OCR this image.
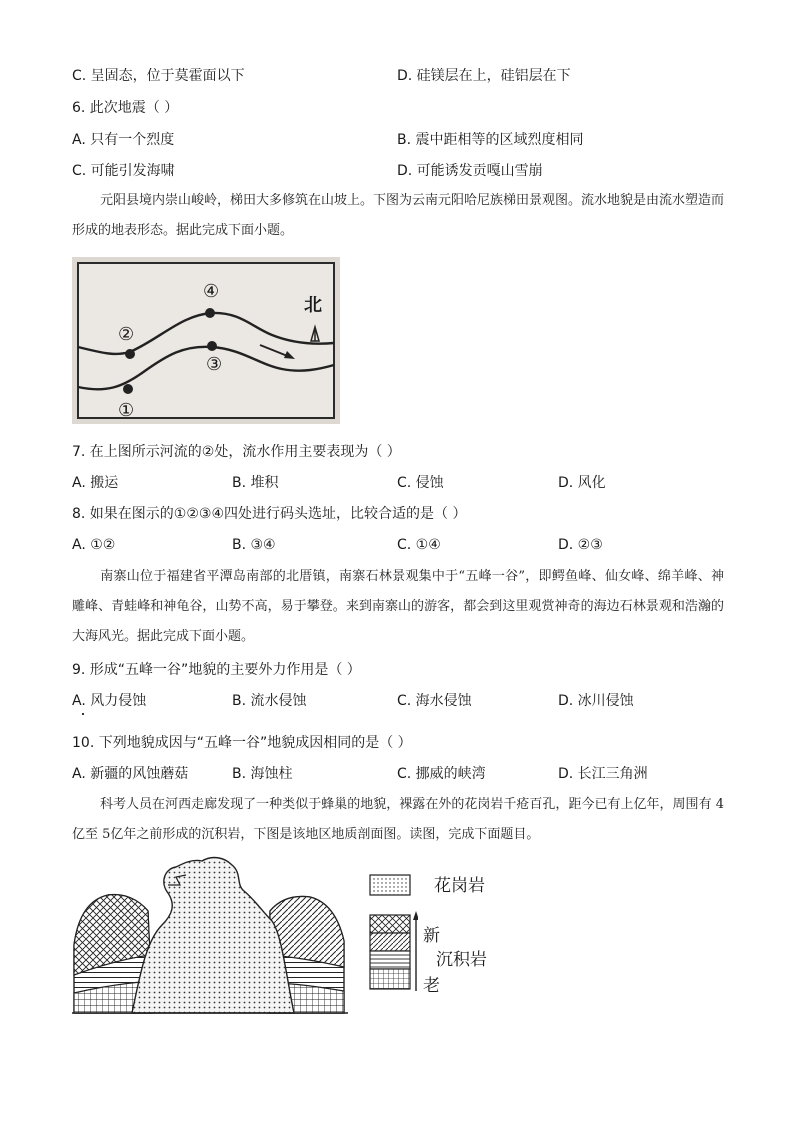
C. 呈固态，位于莫霍面以下	D. 硅镁层在上，硅铝层在下
6. 此次地震（ ）
A. 只有一个烈度	B. 震中距相等的区域烈度相同
C. 可能引发海啸	D. 可能诱发贡嘎山雪崩
元阳县境内崇山峻岭，梯田大多修筑在山坡上。下图为云南元阳哈尼族梯田景观图。流水地貌是由流水塑造而形成的地表形态。据此完成下面小题。
①
②
③
④
北
7. 在上图所示河流的②处，流水作用主要表现为（ ）
A. 搬运	B. 堆积	C. 侵蚀	D. 风化
8. 如果在图示的①②③④四处进行码头选址，比较合适的是（ ）
A. ①②	B. ③④	C. ①④	D. ②③
南寨山位于福建省平潭岛南部的北厝镇，南寨石林景观集中于“五峰一谷”，即鳄鱼峰、仙女峰、绵羊峰、神雕峰、青蛙峰和神龟谷，山势不高，易于攀登。来到南寨山的游客，都会到这里观赏神奇的海边石林景观和浩瀚的大海风光。据此完成下面小题。
9. 形成“五峰一谷”地貌的主要外力作用是（ ）
A. 风力侵蚀	B. 流水侵蚀	C. 海水侵蚀	D. 冰川侵蚀
10. 下列地貌成因与“五峰一谷”地貌成因相同的是（ ）
A. 新疆的风蚀蘑菇	B. 海蚀柱	C. 挪威的峡湾	D. 长江三角洲
科考人员在河西走廊发现了一种类似于蜂巢的地貌，裸露在外的花岗岩千疮百孔，距今已有上亿年，周围有 4亿至 5亿年之前形成的沉积岩，下图是该地区地质剖面图。读图，完成下面题目。
花岗岩
新
沉积岩
老
